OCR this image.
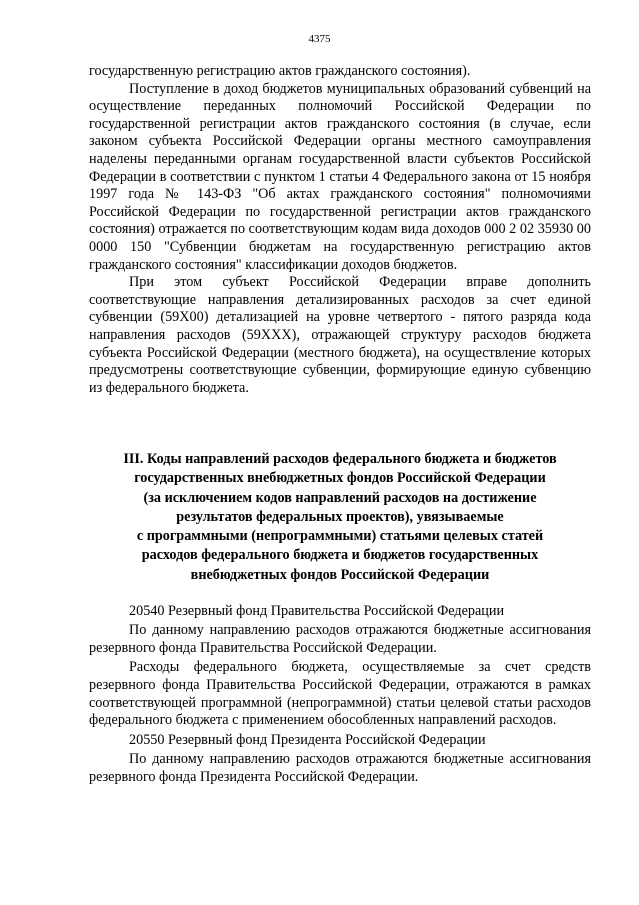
4375

государственную регистрацию актов гражданского состояния).

Поступление в доход бюджетов муниципальных образований субвенций на осуществление переданных полномочий Российской Федерации по государственной регистрации актов гражданского состояния (в случае, если законом субъекта Российской Федерации органы местного самоуправления наделены переданными органам государственной власти субъектов Российской Федерации в соответствии с пунктом 1 статьи 4 Федерального закона от 15 ноября 1997 года № 143-ФЗ "Об актах гражданского состояния" полномочиями Российской Федерации по государственной регистрации актов гражданского состояния) отражается по соответствующим кодам вида доходов 000 2 02 35930 00 0000 150 "Субвенции бюджетам на государственную регистрацию актов гражданского состояния" классификации доходов бюджетов.

При этом субъект Российской Федерации вправе дополнить соответствующие направления детализированных расходов за счет единой субвенции (59Х00) детализацией на уровне четвертого - пятого разряда кода направления расходов (59ХХХ), отражающей структуру расходов бюджета субъекта Российской Федерации (местного бюджета), на осуществление которых предусмотрены соответствующие субвенции, формирующие единую субвенцию из федерального бюджета.

III. Коды направлений расходов федерального бюджета и бюджетов
государственных внебюджетных фондов Российской Федерации
(за исключением кодов направлений расходов на достижение
результатов федеральных проектов), увязываемые
с программными (непрограммными) статьями целевых статей
расходов федерального бюджета и бюджетов государственных
внебюджетных фондов Российской Федерации

20540 Резервный фонд Правительства Российской Федерации

По данному направлению расходов отражаются бюджетные ассигнования резервного фонда Правительства Российской Федерации.

Расходы федерального бюджета, осуществляемые за счет средств резервного фонда Правительства Российской Федерации, отражаются в рамках соответствующей программной (непрограммной) статьи целевой статьи расходов федерального бюджета с применением обособленных направлений расходов.

20550 Резервный фонд Президента Российской Федерации

По данному направлению расходов отражаются бюджетные ассигнования резервного фонда Президента Российской Федерации.
